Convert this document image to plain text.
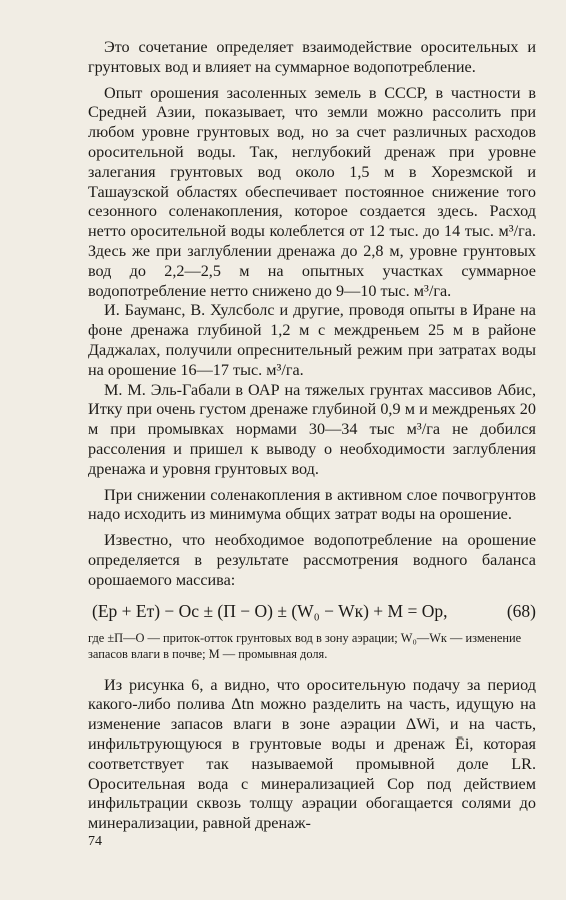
Это сочетание определяет взаимодействие оросительных и грунтовых вод и влияет на суммарное водопотребление.

Опыт орошения засоленных земель в СССР, в частности в Средней Азии, показывает, что земли можно рассолить при любом уровне грунтовых вод, но за счет различных расходов оросительной воды. Так, неглубокий дренаж при уровне залегания грунтовых вод около 1,5 м в Хорезмской и Ташаузской областях обеспечивает постоянное снижение того сезонного соленакопления, которое создается здесь. Расход нетто оросительной воды колеблется от 12 тыс. до 14 тыс. м³/га. Здесь же при заглублении дренажа до 2,8 м, уровне грунтовых вод до 2,2—2,5 м на опытных участках суммарное водопотребление нетто снижено до 9—10 тыс. м³/га.

И. Бауманс, В. Хулсболс и другие, проводя опыты в Иране на фоне дренажа глубиной 1,2 м с междреньем 25 м в районе Даджалах, получили опреснительный режим при затратах воды на орошение 16—17 тыс. м³/га.

М. М. Эль-Габали в ОАР на тяжелых грунтах массивов Абис, Итку при очень густом дренаже глубиной 0,9 м и междреньях 20 м при промывках нормами 30—34 тыс м³/га не добился рассоления и пришел к выводу о необходимости заглубления дренажа и уровня грунтовых вод.

При снижении соленакопления в активном слое почвогрунтов надо исходить из минимума общих затрат воды на орошение.

Известно, что необходимое водопотребление на орошение определяется в результате рассмотрения водного баланса орошаемого массива:

(Eр + Eт) − Oc ± (П − О) ± (W₀ − Wк) + M = Op,	(68)

где ±П—О — приток-отток грунтовых вод в зону аэрации; W₀—Wк — изменение запасов влаги в почве; M — промывная доля.

Из рисунка 6, а видно, что оросительную подачу за период какого-либо полива Δtn можно разделить на часть, идущую на изменение запасов влаги в зоне аэрации ΔWi, и на часть, инфильтрующуюся в грунтовые воды и дренаж Ēi, которая соответствует так называемой промывной доле LR. Оросительная вода с минерализацией Cор под действием инфильтрации сквозь толщу аэрации обогащается солями до минерализации, равной дренаж-

74
